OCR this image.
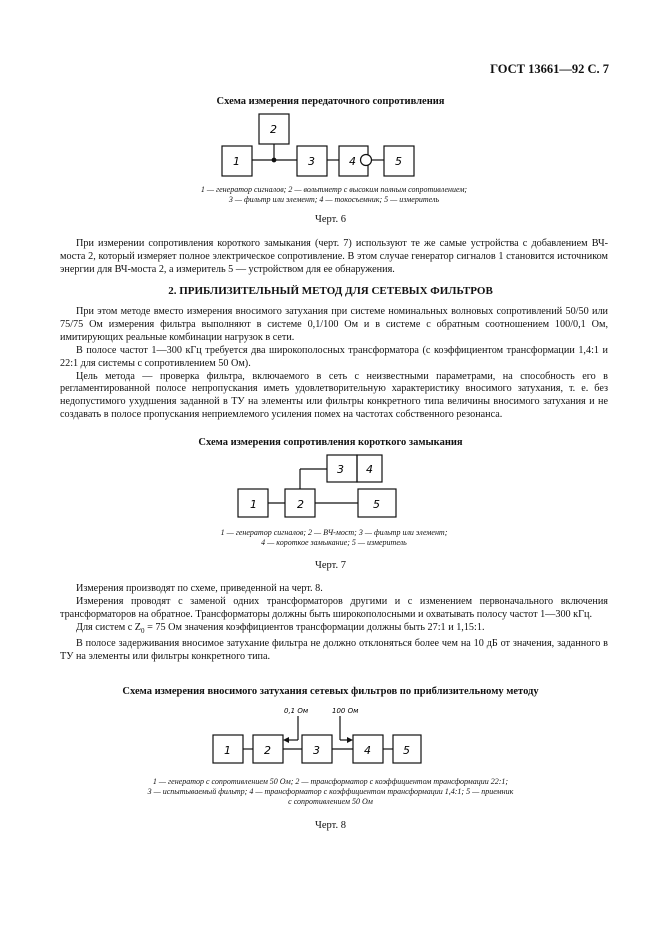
ГОСТ 13661—92 С. 7
Схема измерения передаточного сопротивления
1
2
3	4	5
1 — генератор сигналов; 2 — вольтметр с высоким полным сопротивлением;
3 — фильтр или элемент; 4 — токосъемник; 5 — измеритель
Черт. 6

При измерении сопротивления короткого замыкания (черт. 7) используют те же самые устройства с добавлением ВЧ-моста 2, который измеряет полное электрическое сопротивление. В этом случае генератор сигналов 1 становится источником энергии для ВЧ-моста 2, а измеритель 5 — устройством для ее обнаружения.

2. ПРИБЛИЗИТЕЛЬНЫЙ МЕТОД ДЛЯ СЕТЕВЫХ ФИЛЬТРОВ

При этом методе вместо измерения вносимого затухания при системе номинальных волновых сопротивлений 50/50 или 75/75 Ом измерения фильтра выполняют в системе 0,1/100 Ом и в системе с обратным соотношением 100/0,1 Ом, имитирующих реальные комбинации нагрузок в сети.

В полосе частот 1—300 кГц требуется два широкополосных трансформатора (с коэффициентом трансформации 1,4:1 и 22:1 для системы с сопротивлением 50 Ом).

Цель метода — проверка фильтра, включаемого в сеть с неизвестными параметрами, на способность его в регламентированной полосе непропускания иметь удовлетворительную характеристику вносимого затухания, т. е. без недопустимого ухудшения заданной в ТУ на элементы или фильтры конкретного типа величины вносимого затухания и не создавать в полосе пропускания неприемлемого усиления помех на частотах собственного резонанса.

Схема измерения сопротивления короткого замыкания
1	2
3 4
5
1 — генератор сигналов; 2 — ВЧ-мост; 3 — фильтр или элемент;
4 — короткое замыкание; 5 — измеритель
Черт. 7

Измерения производят по схеме, приведенной на черт. 8.

Измерения проводят с заменой одних трансформаторов другими и с изменением первоначального включения трансформаторов на обратное. Трансформаторы должны быть широкополосными и охватывать полосу частот 1—300 кГц.

Для систем с $Z_0 = 75$ Ом значения коэффициентов трансформации должны быть 27:1 и 1,15:1.

В полосе задерживания вносимое затухание фильтра не должно отклоняться более чем на 10 дБ от значения, заданного в ТУ на элементы или фильтры конкретного типа.

Схема измерения вносимого затухания сетевых фильтров по приблизительному методу
0,1 Ом	100 Ом
1	2	3	4	5
1 — генератор с сопротивлением 50 Ом; 2 — трансформатор с коэффициентом трансформации 22:1;
3 — испытываемый фильтр; 4 — трансформатор с коэффициентом трансформации 1,4:1; 5 — приемник
с сопротивлением 50 Ом
Черт. 8
